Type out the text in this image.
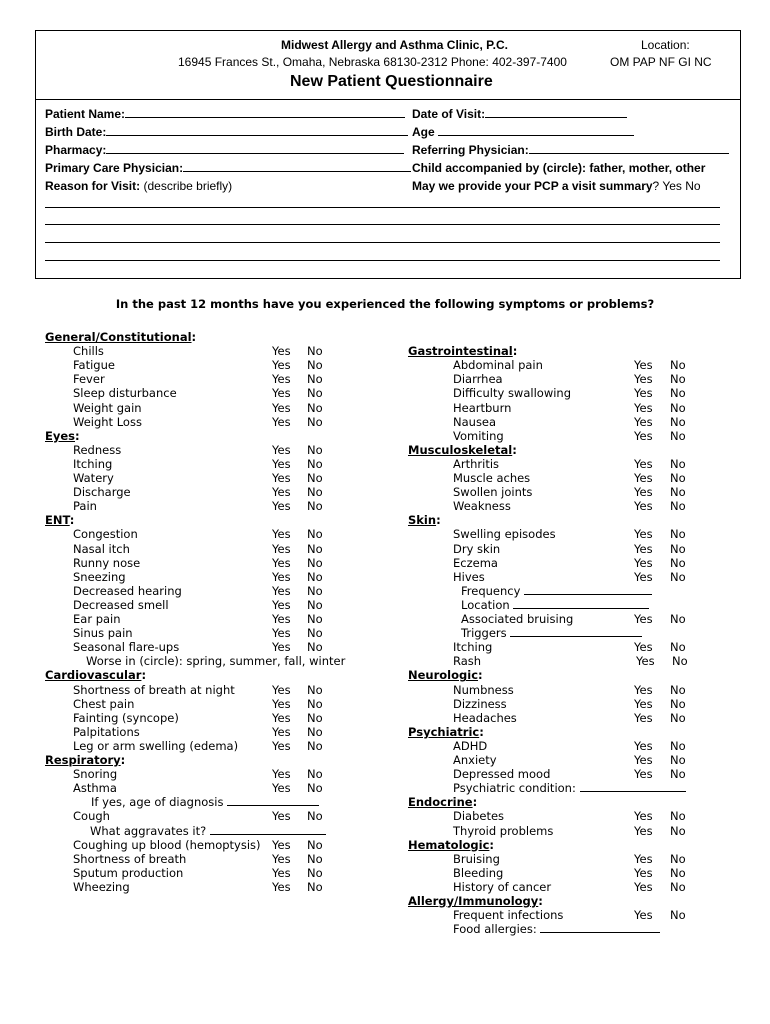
Midwest Allergy and Asthma Clinic, P.C.
16945 Frances St., Omaha, Nebraska 68130-2312 Phone: 402-397-7400
Location:
OM PAP NF GI NC
New Patient Questionnaire
Patient Name:	Date of Visit:
Birth Date:	Age
Pharmacy:	Referring Physician:
Primary Care Physician:	Child accompanied by (circle): father, mother, other
Reason for Visit: (describe briefly)	May we provide your PCP a visit summary? Yes No
In the past 12 months have you experienced the following symptoms or problems?
General/Constitutional:
Chills	Yes No
Fatigue	Yes No
Fever	Yes No
Sleep disturbance	Yes No
Weight gain	Yes No
Weight Loss	Yes No
Eyes:
Redness	Yes No
Itching	Yes No
Watery	Yes No
Discharge	Yes No
Pain	Yes No
ENT:
Congestion	Yes No
Nasal itch	Yes No
Runny nose	Yes No
Sneezing	Yes No
Decreased hearing	Yes No
Decreased smell	Yes No
Ear pain	Yes No
Sinus pain	Yes No
Seasonal flare-ups	Yes No
Worse in (circle): spring, summer, fall, winter
Cardiovascular:
Shortness of breath at night	Yes No
Chest pain	Yes No
Fainting (syncope)	Yes No
Palpitations	Yes No
Leg or arm swelling (edema)	Yes No
Respiratory:
Snoring	Yes No
Asthma	Yes No
If yes, age of diagnosis
Cough	Yes No
What aggravates it?
Coughing up blood (hemoptysis) Yes No
Shortness of breath	Yes No
Sputum production	Yes No
Wheezing	Yes No
Gastrointestinal:
Abdominal pain	Yes No
Diarrhea	Yes No
Difficulty swallowing	Yes No
Heartburn	Yes No
Nausea	Yes No
Vomiting	Yes No
Musculoskeletal:
Arthritis	Yes No
Muscle aches	Yes No
Swollen joints	Yes No
Weakness	Yes No
Skin:
Swelling episodes	Yes No
Dry skin	Yes No
Eczema	Yes No
Hives	Yes No
Frequency
Location
Associated bruising	Yes No
Triggers
Itching	Yes No
Rash	Yes No
Neurologic:
Numbness	Yes No
Dizziness	Yes No
Headaches	Yes No
Psychiatric:
ADHD	Yes No
Anxiety	Yes No
Depressed mood	Yes No
Psychiatric condition:
Endocrine:
Diabetes	Yes No
Thyroid problems	Yes No
Hematologic:
Bruising	Yes No
Bleeding	Yes No
History of cancer	Yes No
Allergy/Immunology:
Frequent infections	Yes No
Food allergies:
